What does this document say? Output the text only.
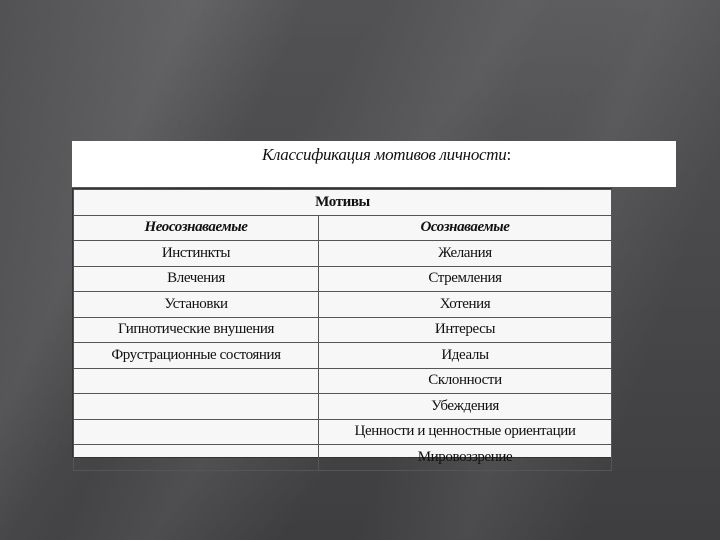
Классификация мотивов личности:
Мотивы	
Неосознаваемые	Осознаваемые
Инстинкты	Желания
Влечения	Стремления
Установки	Хотения
Гипнотические внушения	Интересы
Фрустрационные состояния	Идеалы
	Склонности
	Убеждения
	Ценности и ценностные ориентации
	Мировоззрение
